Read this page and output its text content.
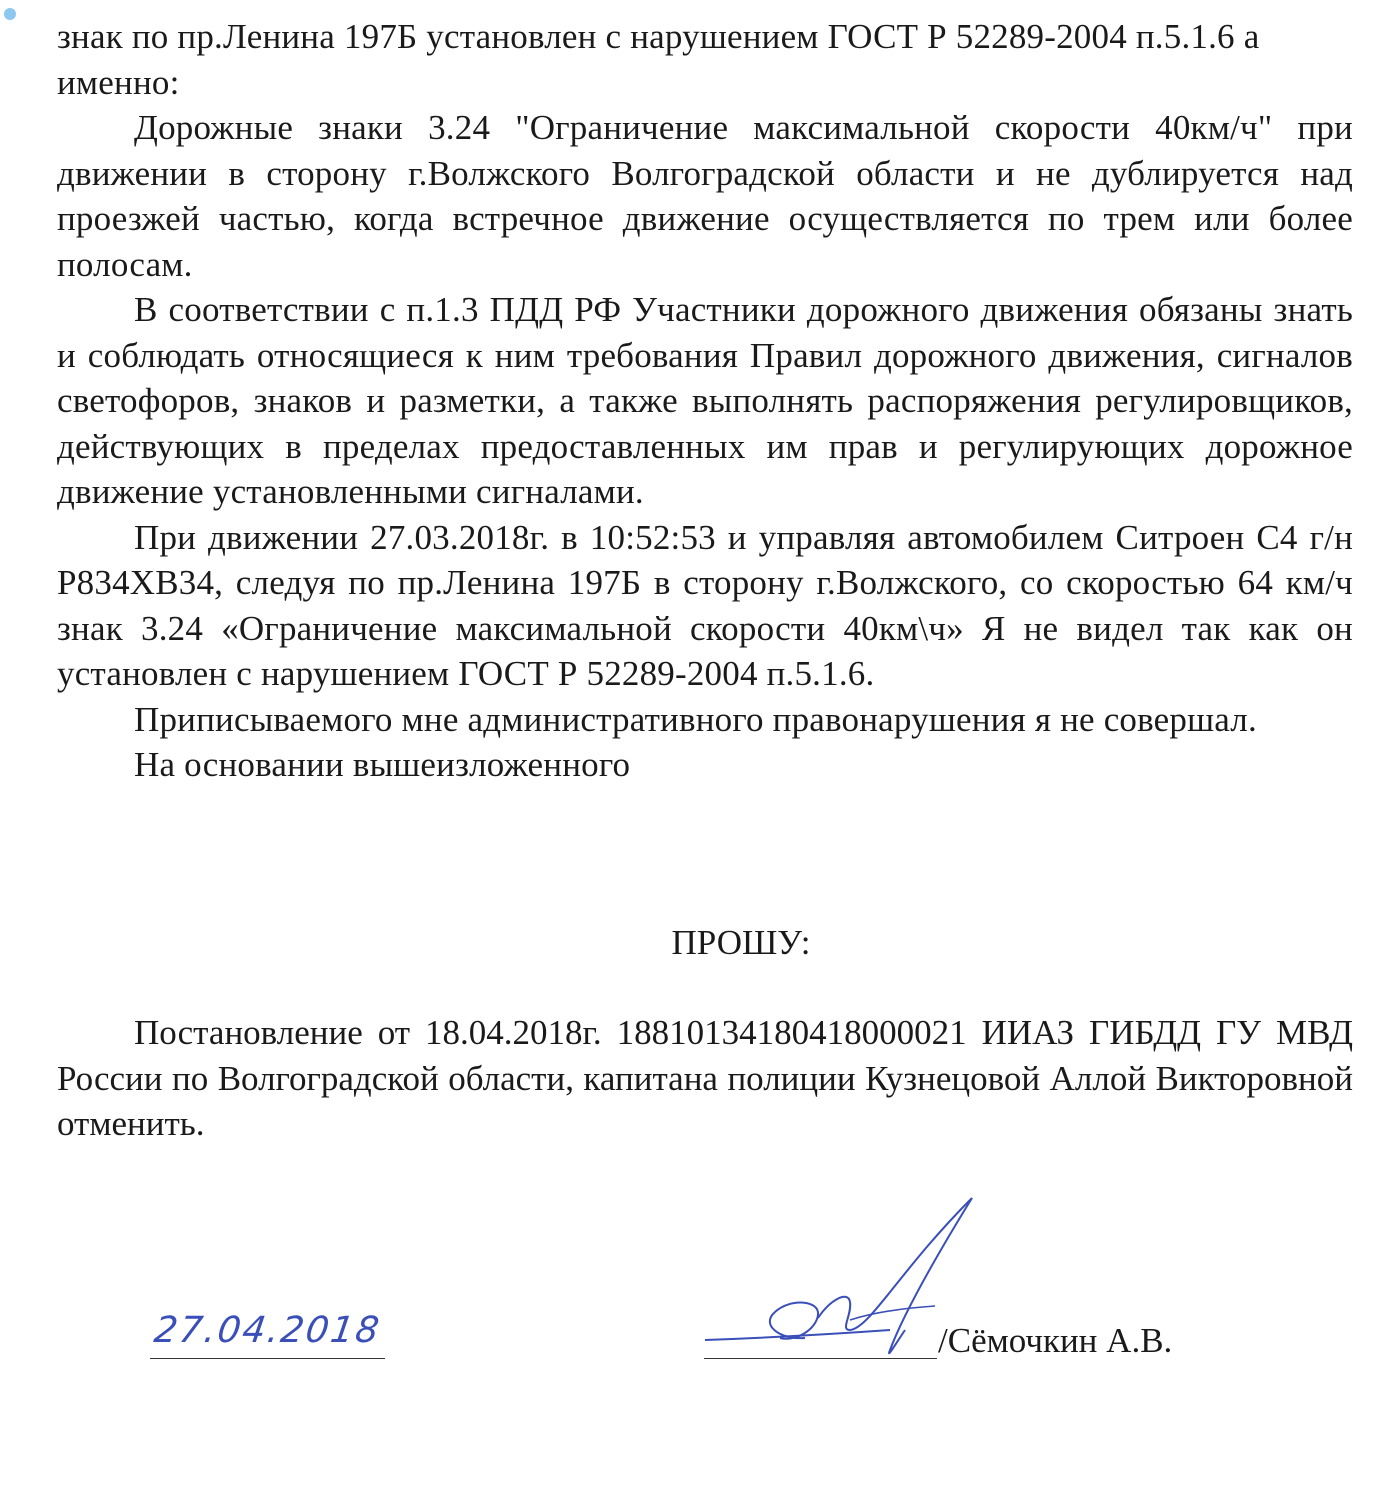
знак по пр.Ленина 197Б установлен с нарушением ГОСТ Р 52289-2004 п.5.1.6 а именно:

Дорожные знаки 3.24 "Ограничение максимальной скорости 40км/ч" при движении в сторону г.Волжского Волгоградской области и не дублируется над проезжей частью, когда встречное движение осуществляется по трем или более полосам.

В соответствии с п.1.3 ПДД РФ Участники дорожного движения обязаны знать и соблюдать относящиеся к ним требования Правил дорожного движения, сигналов светофоров, знаков и разметки, а также выполнять распоряжения регулировщиков, действующих в пределах предоставленных им прав и регулирующих дорожное движение установленными сигналами.

При движении 27.03.2018г. в 10:52:53 и управляя автомобилем Ситроен С4 г/н Р834ХВ34, следуя по пр.Ленина 197Б в сторону г.Волжского, со скоростью 64 км/ч знак 3.24 «Ограничение максимальной скорости 40км\ч» Я не видел так как он установлен с нарушением ГОСТ Р 52289-2004 п.5.1.6.

Приписываемого мне административного правонарушения я не совершал.

На основании вышеизложенного

ПРОШУ:

Постановление от 18.04.2018г. 18810134180418000021 ИИАЗ ГИБДД ГУ МВД России по Волгоградской области, капитана полиции Кузнецовой Аллой Викторовной отменить.

27.04.2018	/Сёмочкин А.В.
